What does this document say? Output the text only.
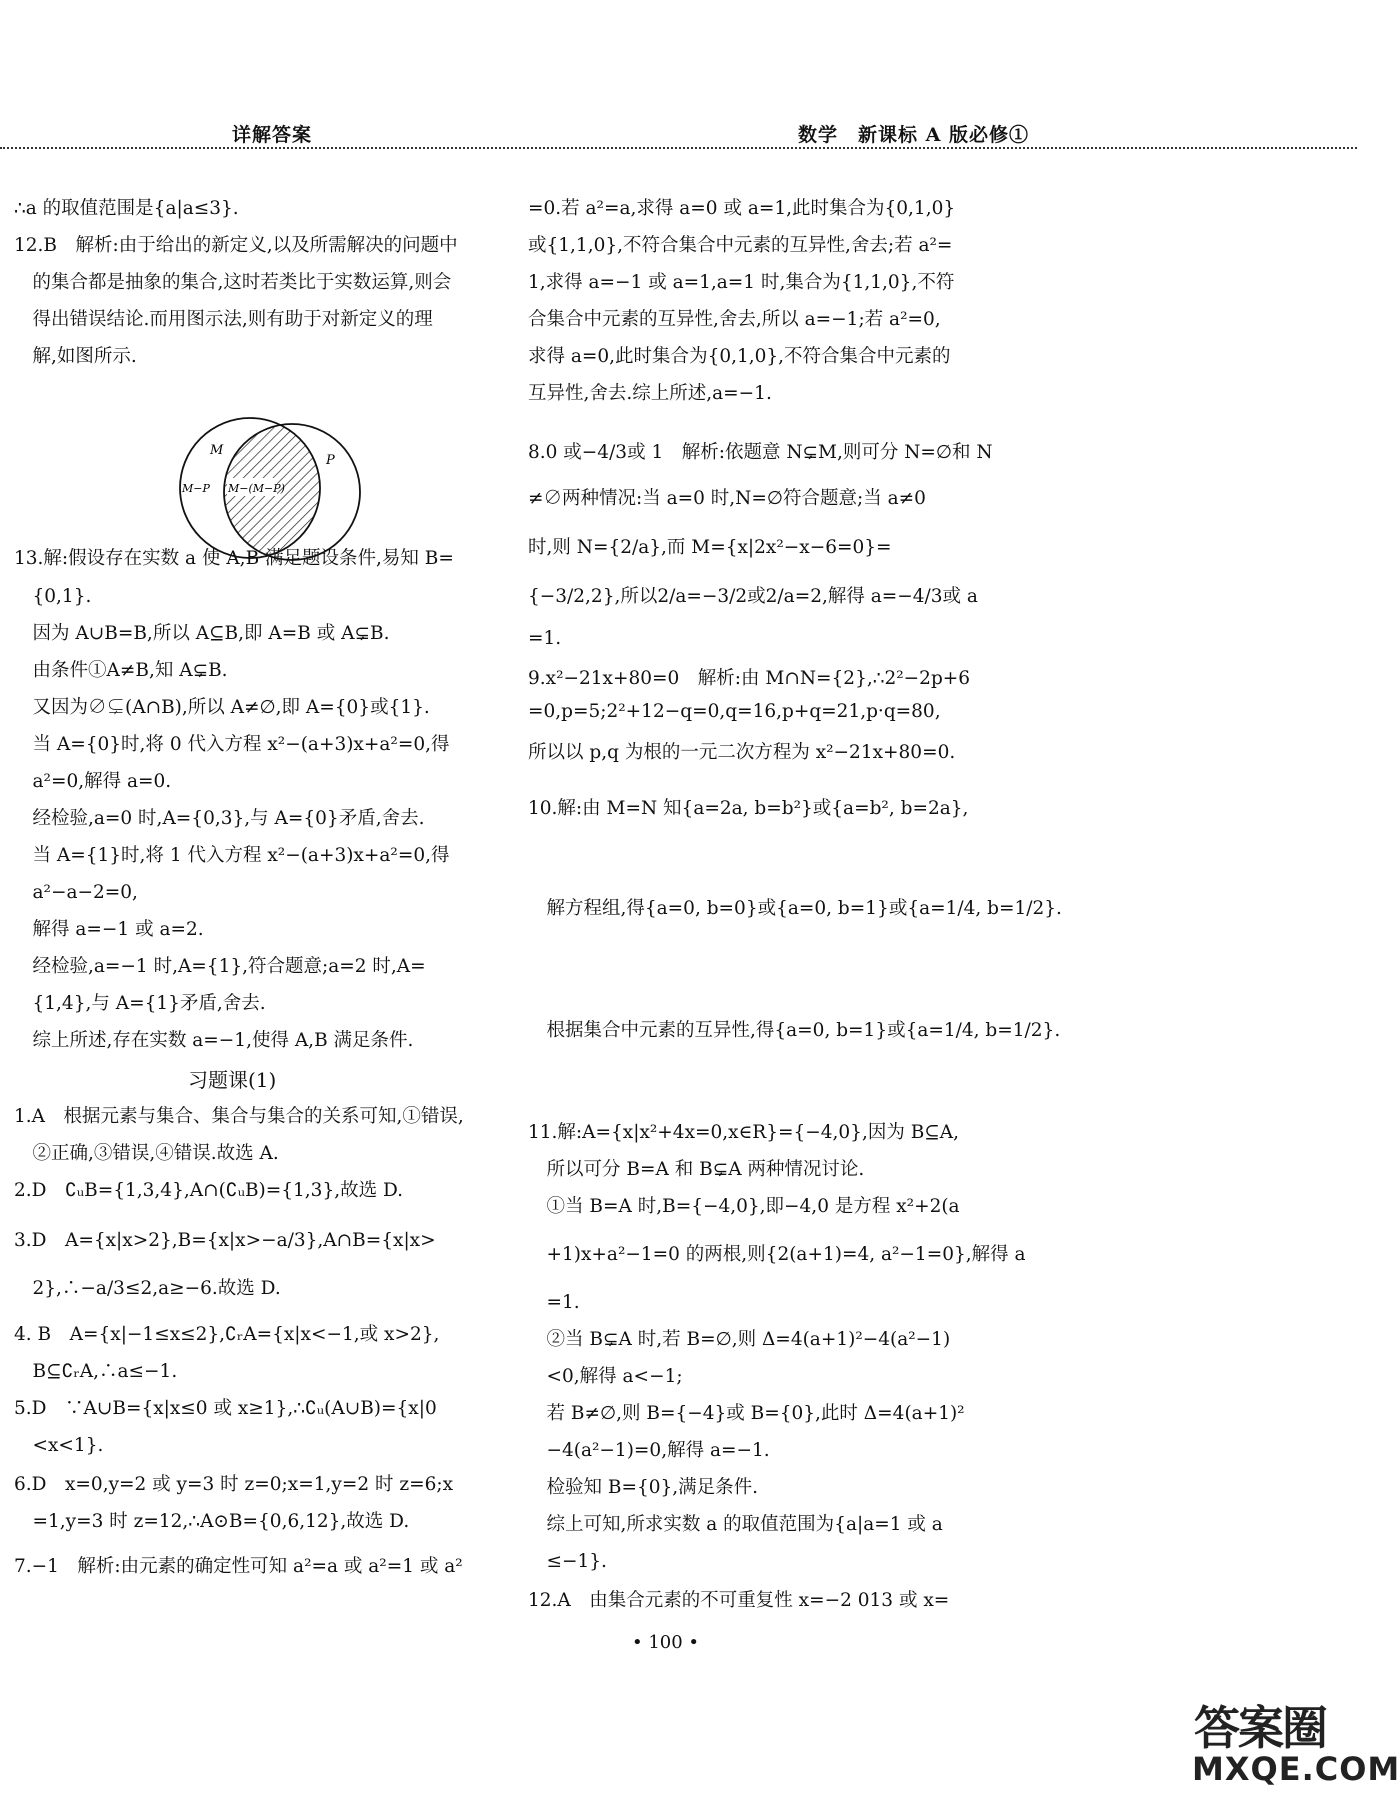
详解答案	数学　新课标 A 版必修①
∴a 的取值范围是{a|a≤3}.
12.B　解析:由于给出的新定义,以及所需解决的问题中
　的集合都是抽象的集合,这时若类比于实数运算,则会
　得出错误结论.而用图示法,则有助于对新定义的理
　解,如图所示.
13.解:假设存在实数 a 使 A,B 满足题设条件,易知 B=
　{0,1}.
　因为 A∪B=B,所以 A⊆B,即 A=B 或 A⊊B.
　由条件①A≠B,知 A⊊B.
　又因为∅⊊(A∩B),所以 A≠∅,即 A={0}或{1}.
　当 A={0}时,将 0 代入方程 x²−(a+3)x+a²=0,得
　a²=0,解得 a=0.
　经检验,a=0 时,A={0,3},与 A={0}矛盾,舍去.
　当 A={1}时,将 1 代入方程 x²−(a+3)x+a²=0,得
　a²−a−2=0,
　解得 a=−1 或 a=2.
　经检验,a=−1 时,A={1},符合题意;a=2 时,A=
　{1,4},与 A={1}矛盾,舍去.
　综上所述,存在实数 a=−1,使得 A,B 满足条件.
习题课(1)
1.A　根据元素与集合、集合与集合的关系可知,①错误,
　②正确,③错误,④错误.故选 A.
2.D　∁ᵤB={1,3,4},A∩(∁ᵤB)={1,3},故选 D.
3.D　A={x|x>2},B={x|x>−a/3},A∩B={x|x>
　2},∴−a/3≤2,a≥−6.故选 D.
4. B　A={x|−1≤x≤2},∁ᵣA={x|x<−1,或 x>2},
　B⊆∁ᵣA,∴a≤−1.
5.D　∵A∪B={x|x≤0 或 x≥1},∴∁ᵤ(A∪B)={x|0
　<x<1}.
6.D　x=0,y=2 或 y=3 时 z=0;x=1,y=2 时 z=6;x
　=1,y=3 时 z=12,∴A⊙B={0,6,12},故选 D.
7.−1　解析:由元素的确定性可知 a²=a 或 a²=1 或 a²
M
P
M−P M−(M−P)
=0.若 a²=a,求得 a=0 或 a=1,此时集合为{0,1,0}
或{1,1,0},不符合集合中元素的互异性,舍去;若 a²=
1,求得 a=−1 或 a=1,a=1 时,集合为{1,1,0},不符
合集合中元素的互异性,舍去,所以 a=−1;若 a²=0,
求得 a=0,此时集合为{0,1,0},不符合集合中元素的
互异性,舍去.综上所述,a=−1.
8.0 或−4/3或 1　解析:依题意 N⊊M,则可分 N=∅和 N
≠∅两种情况:当 a=0 时,N=∅符合题意;当 a≠0
时,则 N={2/a},而 M={x|2x²−x−6=0}=
{−3/2,2},所以2/a=−3/2或2/a=2,解得 a=−4/3或 a
=1.
9.x²−21x+80=0　解析:由 M∩N={2},∴2²−2p+6
=0,p=5;2²+12−q=0,q=16,p+q=21,p·q=80,
所以以 p,q 为根的一元二次方程为 x²−21x+80=0.
10.解:由 M=N 知{a=2a, b=b²}或{a=b², b=2a},
　解方程组,得{a=0, b=0}或{a=0, b=1}或{a=1/4, b=1/2}.
　根据集合中元素的互异性,得{a=0, b=1}或{a=1/4, b=1/2}.
11.解:A={x|x²+4x=0,x∈R}={−4,0},因为 B⊆A,
　所以可分 B=A 和 B⊊A 两种情况讨论.
　①当 B=A 时,B={−4,0},即−4,0 是方程 x²+2(a
　+1)x+a²−1=0 的两根,则{2(a+1)=4, a²−1=0},解得 a
　=1.
　②当 B⊊A 时,若 B=∅,则 Δ=4(a+1)²−4(a²−1)
　<0,解得 a<−1;
　若 B≠∅,则 B={−4}或 B={0},此时 Δ=4(a+1)²
　−4(a²−1)=0,解得 a=−1.
　检验知 B={0},满足条件.
　综上可知,所求实数 a 的取值范围为{a|a=1 或 a
　≤−1}.
12.A　由集合元素的不可重复性 x=−2 013 或 x=
• 100 •
答案圈
MXQE.COM
